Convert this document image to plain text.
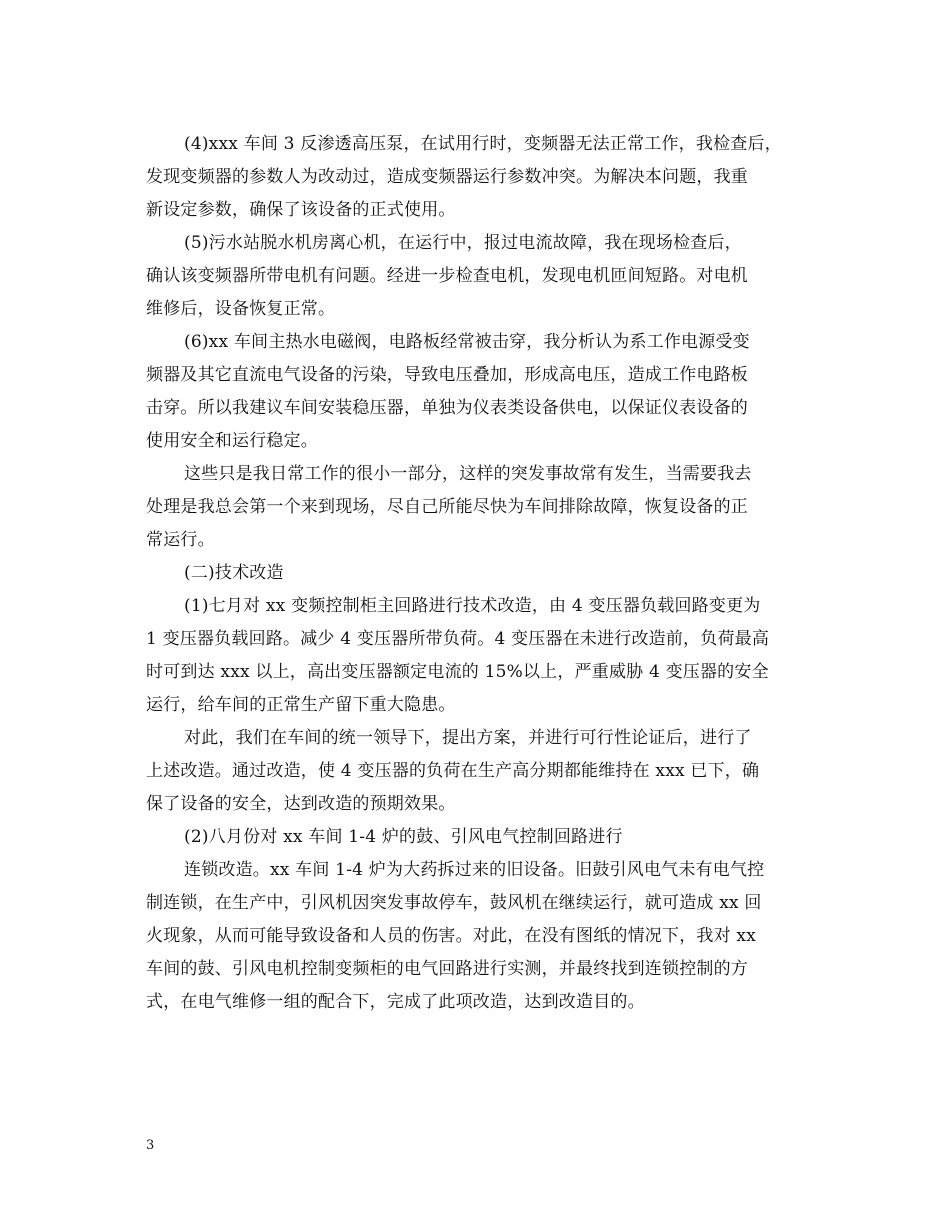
(4)xxx 车间 3 反渗透高压泵，在试用行时，变频器无法正常工作，我检查后，
发现变频器的参数人为改动过，造成变频器运行参数冲突。为解决本问题，我重
新设定参数，确保了该设备的正式使用。
(5)污水站脱水机房离心机，在运行中，报过电流故障，我在现场检查后，
确认该变频器所带电机有问题。经进一步检查电机，发现电机匝间短路。对电机
维修后，设备恢复正常。
(6)xx 车间主热水电磁阀，电路板经常被击穿，我分析认为系工作电源受变
频器及其它直流电气设备的污染，导致电压叠加，形成高电压，造成工作电路板
击穿。所以我建议车间安装稳压器，单独为仪表类设备供电，以保证仪表设备的
使用安全和运行稳定。
这些只是我日常工作的很小一部分，这样的突发事故常有发生，当需要我去
处理是我总会第一个来到现场，尽自己所能尽快为车间排除故障，恢复设备的正
常运行。
(二)技术改造
(1)七月对 xx 变频控制柜主回路进行技术改造，由 4 变压器负载回路变更为
1 变压器负载回路。减少 4 变压器所带负荷。4 变压器在未进行改造前，负荷最高
时可到达 xxx 以上，高出变压器额定电流的 15%以上，严重威胁 4 变压器的安全
运行，给车间的正常生产留下重大隐患。
对此，我们在车间的统一领导下，提出方案，并进行可行性论证后，进行了
上述改造。通过改造，使 4 变压器的负荷在生产高分期都能维持在 xxx 已下，确
保了设备的安全，达到改造的预期效果。
(2)八月份对 xx 车间 1-4 炉的鼓、引风电气控制回路进行
连锁改造。xx 车间 1-4 炉为大药拆过来的旧设备。旧鼓引风电气未有电气控
制连锁，在生产中，引风机因突发事故停车，鼓风机在继续运行，就可造成 xx 回
火现象，从而可能导致设备和人员的伤害。对此，在没有图纸的情况下，我对 xx
车间的鼓、引风电机控制变频柜的电气回路进行实测，并最终找到连锁控制的方
式，在电气维修一组的配合下，完成了此项改造，达到改造目的。
3
